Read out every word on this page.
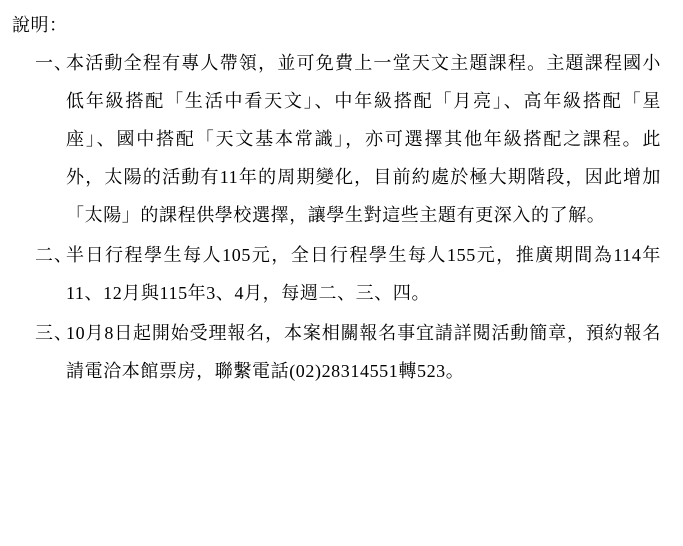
說明：
一、

本活動全程有專人帶領，並可免費上一堂天文主題課程。主題課程國小低年級搭配「生活中看天文」、中年級搭配「月亮」、高年級搭配「星座」、國中搭配「天文基本常識」，亦可選擇其他年級搭配之課程。此外，太陽的活動有11年的周期變化，目前約處於極大期階段，因此增加「太陽」的課程供學校選擇，讓學生對這些主題有更深入的了解。

二、

半日行程學生每人105元，全日行程學生每人155元，推廣期間為114年11、12月與115年3、4月，每週二、三、四。

三、

10月8日起開始受理報名，本案相關報名事宜請詳閱活動簡章，預約報名請電洽本館票房，聯繫電話(02)28314551轉523。
